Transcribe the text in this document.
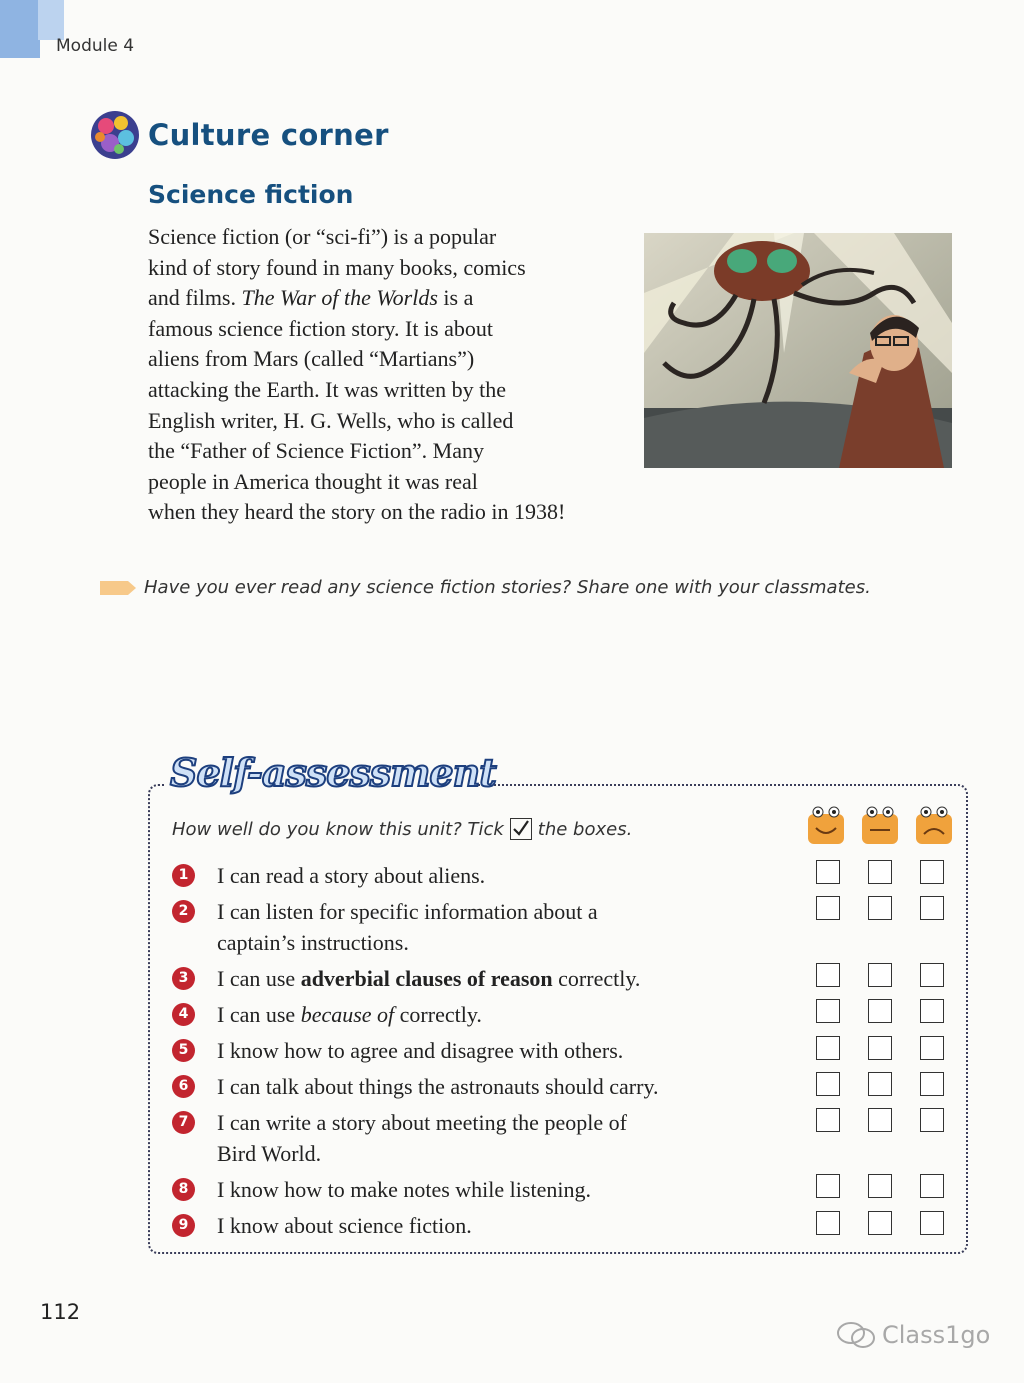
Module 4
Culture corner
Science fiction
Science fiction (or “sci-fi”) is a popular
kind of story found in many books, comics
and films. The War of the Worlds is a
famous science fiction story. It is about
aliens from Mars (called “Martians”)
attacking the Earth. It was written by the
English writer, H. G. Wells, who is called
the “Father of Science Fiction”. Many
people in America thought it was real
when they heard the story on the radio in 1938!
Have you ever read any science fiction stories? Share one with your classmates.
Self-assessment
How well do you know this unit? Tick the boxes.
1	I can read a story about aliens.
2	I can listen for specific information about a
captain’s instructions.
3	I can use adverbial clauses of reason correctly.
4	I can use because of correctly.
5	I know how to agree and disagree with others.
6	I can talk about things the astronauts should carry.
7	I can write a story about meeting the people of
Bird World.
8	I know how to make notes while listening.
9	I know about science fiction.
112
Class1go
